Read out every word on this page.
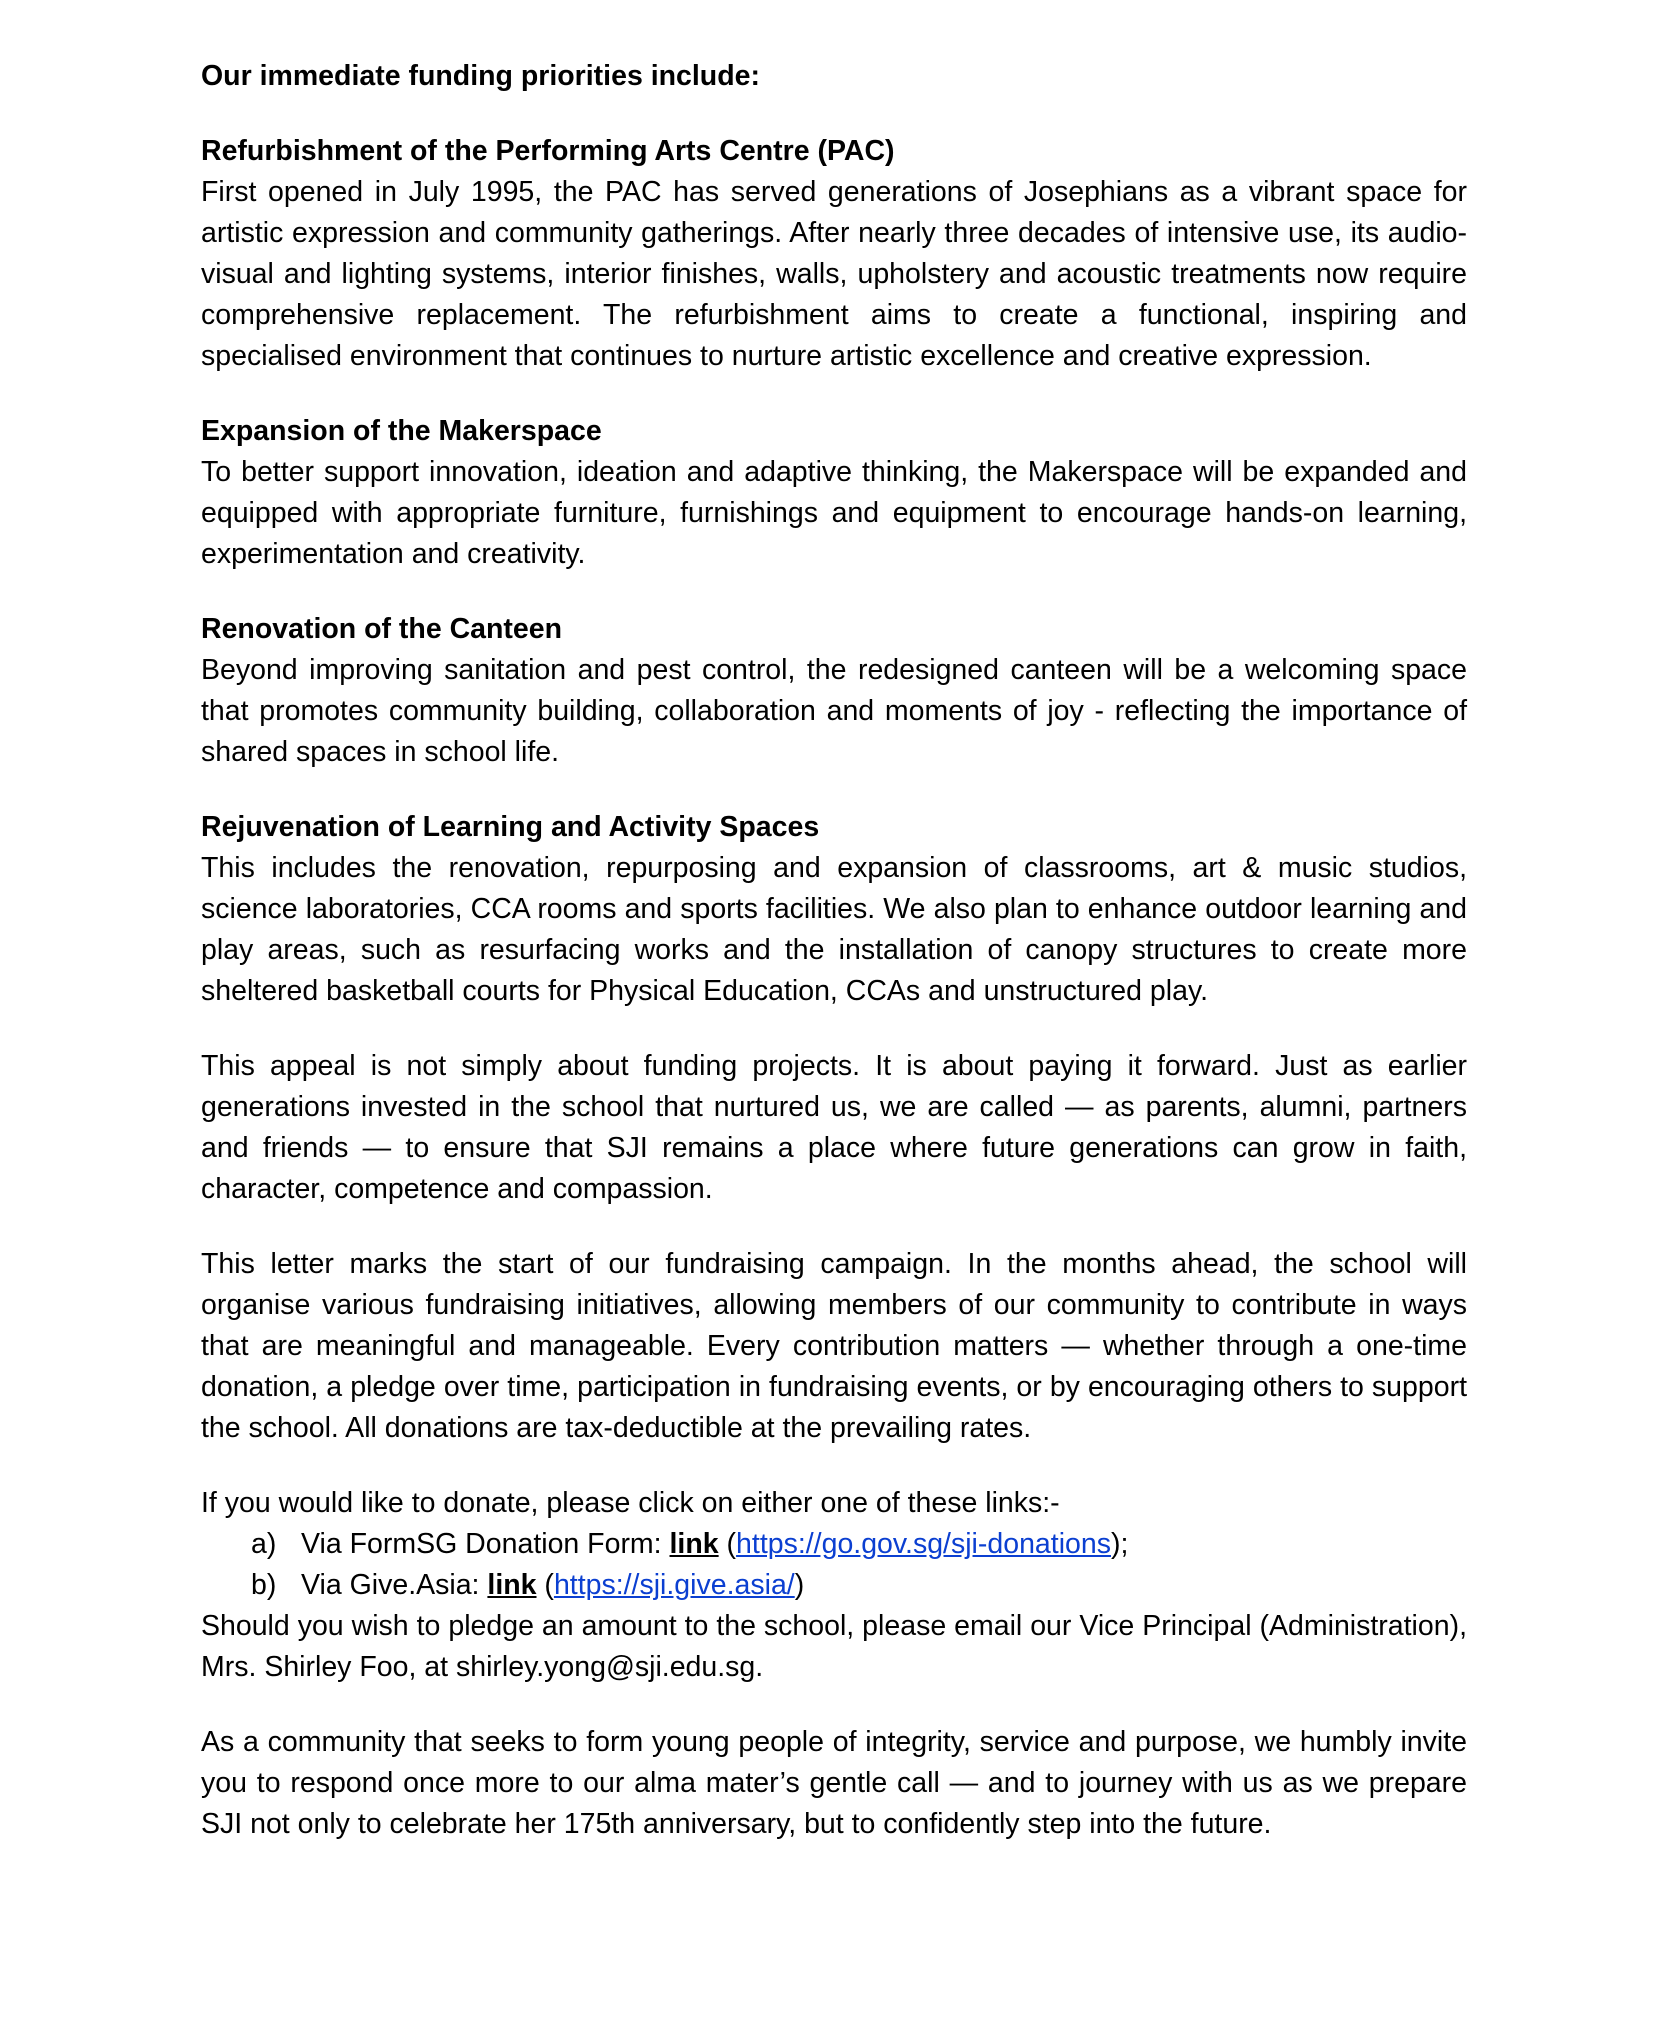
Our immediate funding priorities include:

Refurbishment of the Performing Arts Centre (PAC)

First opened in July 1995, the PAC has served generations of Josephians as a vibrant space for artistic expression and community gatherings. After nearly three decades of intensive use, its audio-visual and lighting systems, interior finishes, walls, upholstery and acoustic treatments now require comprehensive replacement. The refurbishment aims to create a functional, inspiring and specialised environment that continues to nurture artistic excellence and creative expression.

Expansion of the Makerspace

To better support innovation, ideation and adaptive thinking, the Makerspace will be expanded and equipped with appropriate furniture, furnishings and equipment to encourage hands-on learning, experimentation and creativity.

Renovation of the Canteen

Beyond improving sanitation and pest control, the redesigned canteen will be a welcoming space that promotes community building, collaboration and moments of joy - reflecting the importance of shared spaces in school life.

Rejuvenation of Learning and Activity Spaces

This includes the renovation, repurposing and expansion of classrooms, art & music studios, science laboratories, CCA rooms and sports facilities. We also plan to enhance outdoor learning and play areas, such as resurfacing works and the installation of canopy structures to create more sheltered basketball courts for Physical Education, CCAs and unstructured play.

This appeal is not simply about funding projects. It is about paying it forward. Just as earlier generations invested in the school that nurtured us, we are called — as parents, alumni, partners and friends — to ensure that SJI remains a place where future generations can grow in faith, character, competence and compassion.

This letter marks the start of our fundraising campaign. In the months ahead, the school will organise various fundraising initiatives, allowing members of our community to contribute in ways that are meaningful and manageable. Every contribution matters — whether through a one-time donation, a pledge over time, participation in fundraising events, or by encouraging others to support the school. All donations are tax-deductible at the prevailing rates.

If you would like to donate, please click on either one of these links:-

a) Via FormSG Donation Form: link (https://go.gov.sg/sji-donations);
b) Via Give.Asia: link (https://sji.give.asia/)

Should you wish to pledge an amount to the school, please email our Vice Principal (Administration), Mrs. Shirley Foo, at shirley.yong@sji.edu.sg.

As a community that seeks to form young people of integrity, service and purpose, we humbly invite you to respond once more to our alma mater’s gentle call — and to journey with us as we prepare SJI not only to celebrate her 175th anniversary, but to confidently step into the future.
